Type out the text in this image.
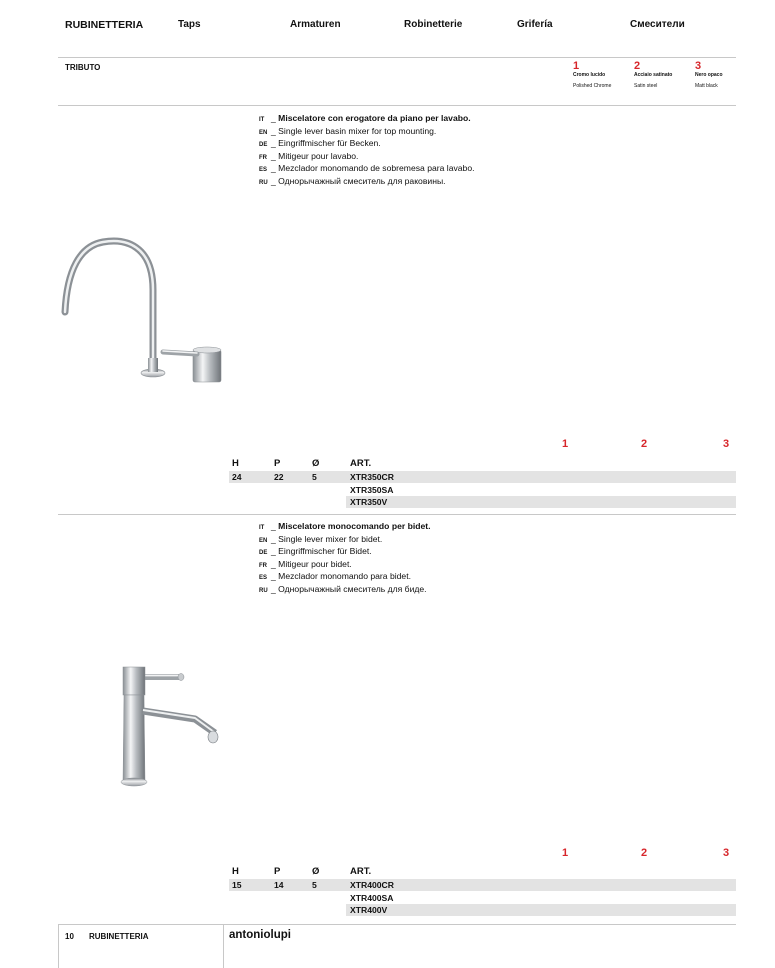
RUBINETTERIA	Taps	Armaturen	Robinetterie	Grifería	Смесители
TRIBUTO	1
Cromo lucido
Polished Chrome
2
Acciaio satinato
Satin steel
3
Nero opaco
Matt black
IT _ Miscelatore con erogatore da piano per lavabo.
EN _ Single lever basin mixer for top mounting.
DE _ Eingriffmischer für Becken.
FR _ Mitigeur pour lavabo.
ES _ Mezclador monomando de sobremesa para lavabo.
RU _ Однорычажный смеситель для раковины.
1	2	3
H	P	Ø	ART.
24	22	5	XTR350CR
XTR350SA
XTR350V
IT _ Miscelatore monocomando per bidet.
EN _ Single lever mixer for bidet.
DE _ Eingriffmischer für Bidet.
FR _ Mitigeur pour bidet.
ES _ Mezclador monomando para bidet.
RU _ Однорычажный смеситель для биде.
1	2	3
H	P	Ø	ART.
15	14	5	XTR400CR
XTR400SA
XTR400V
10 RUBINETTERIA	antoniolupi
